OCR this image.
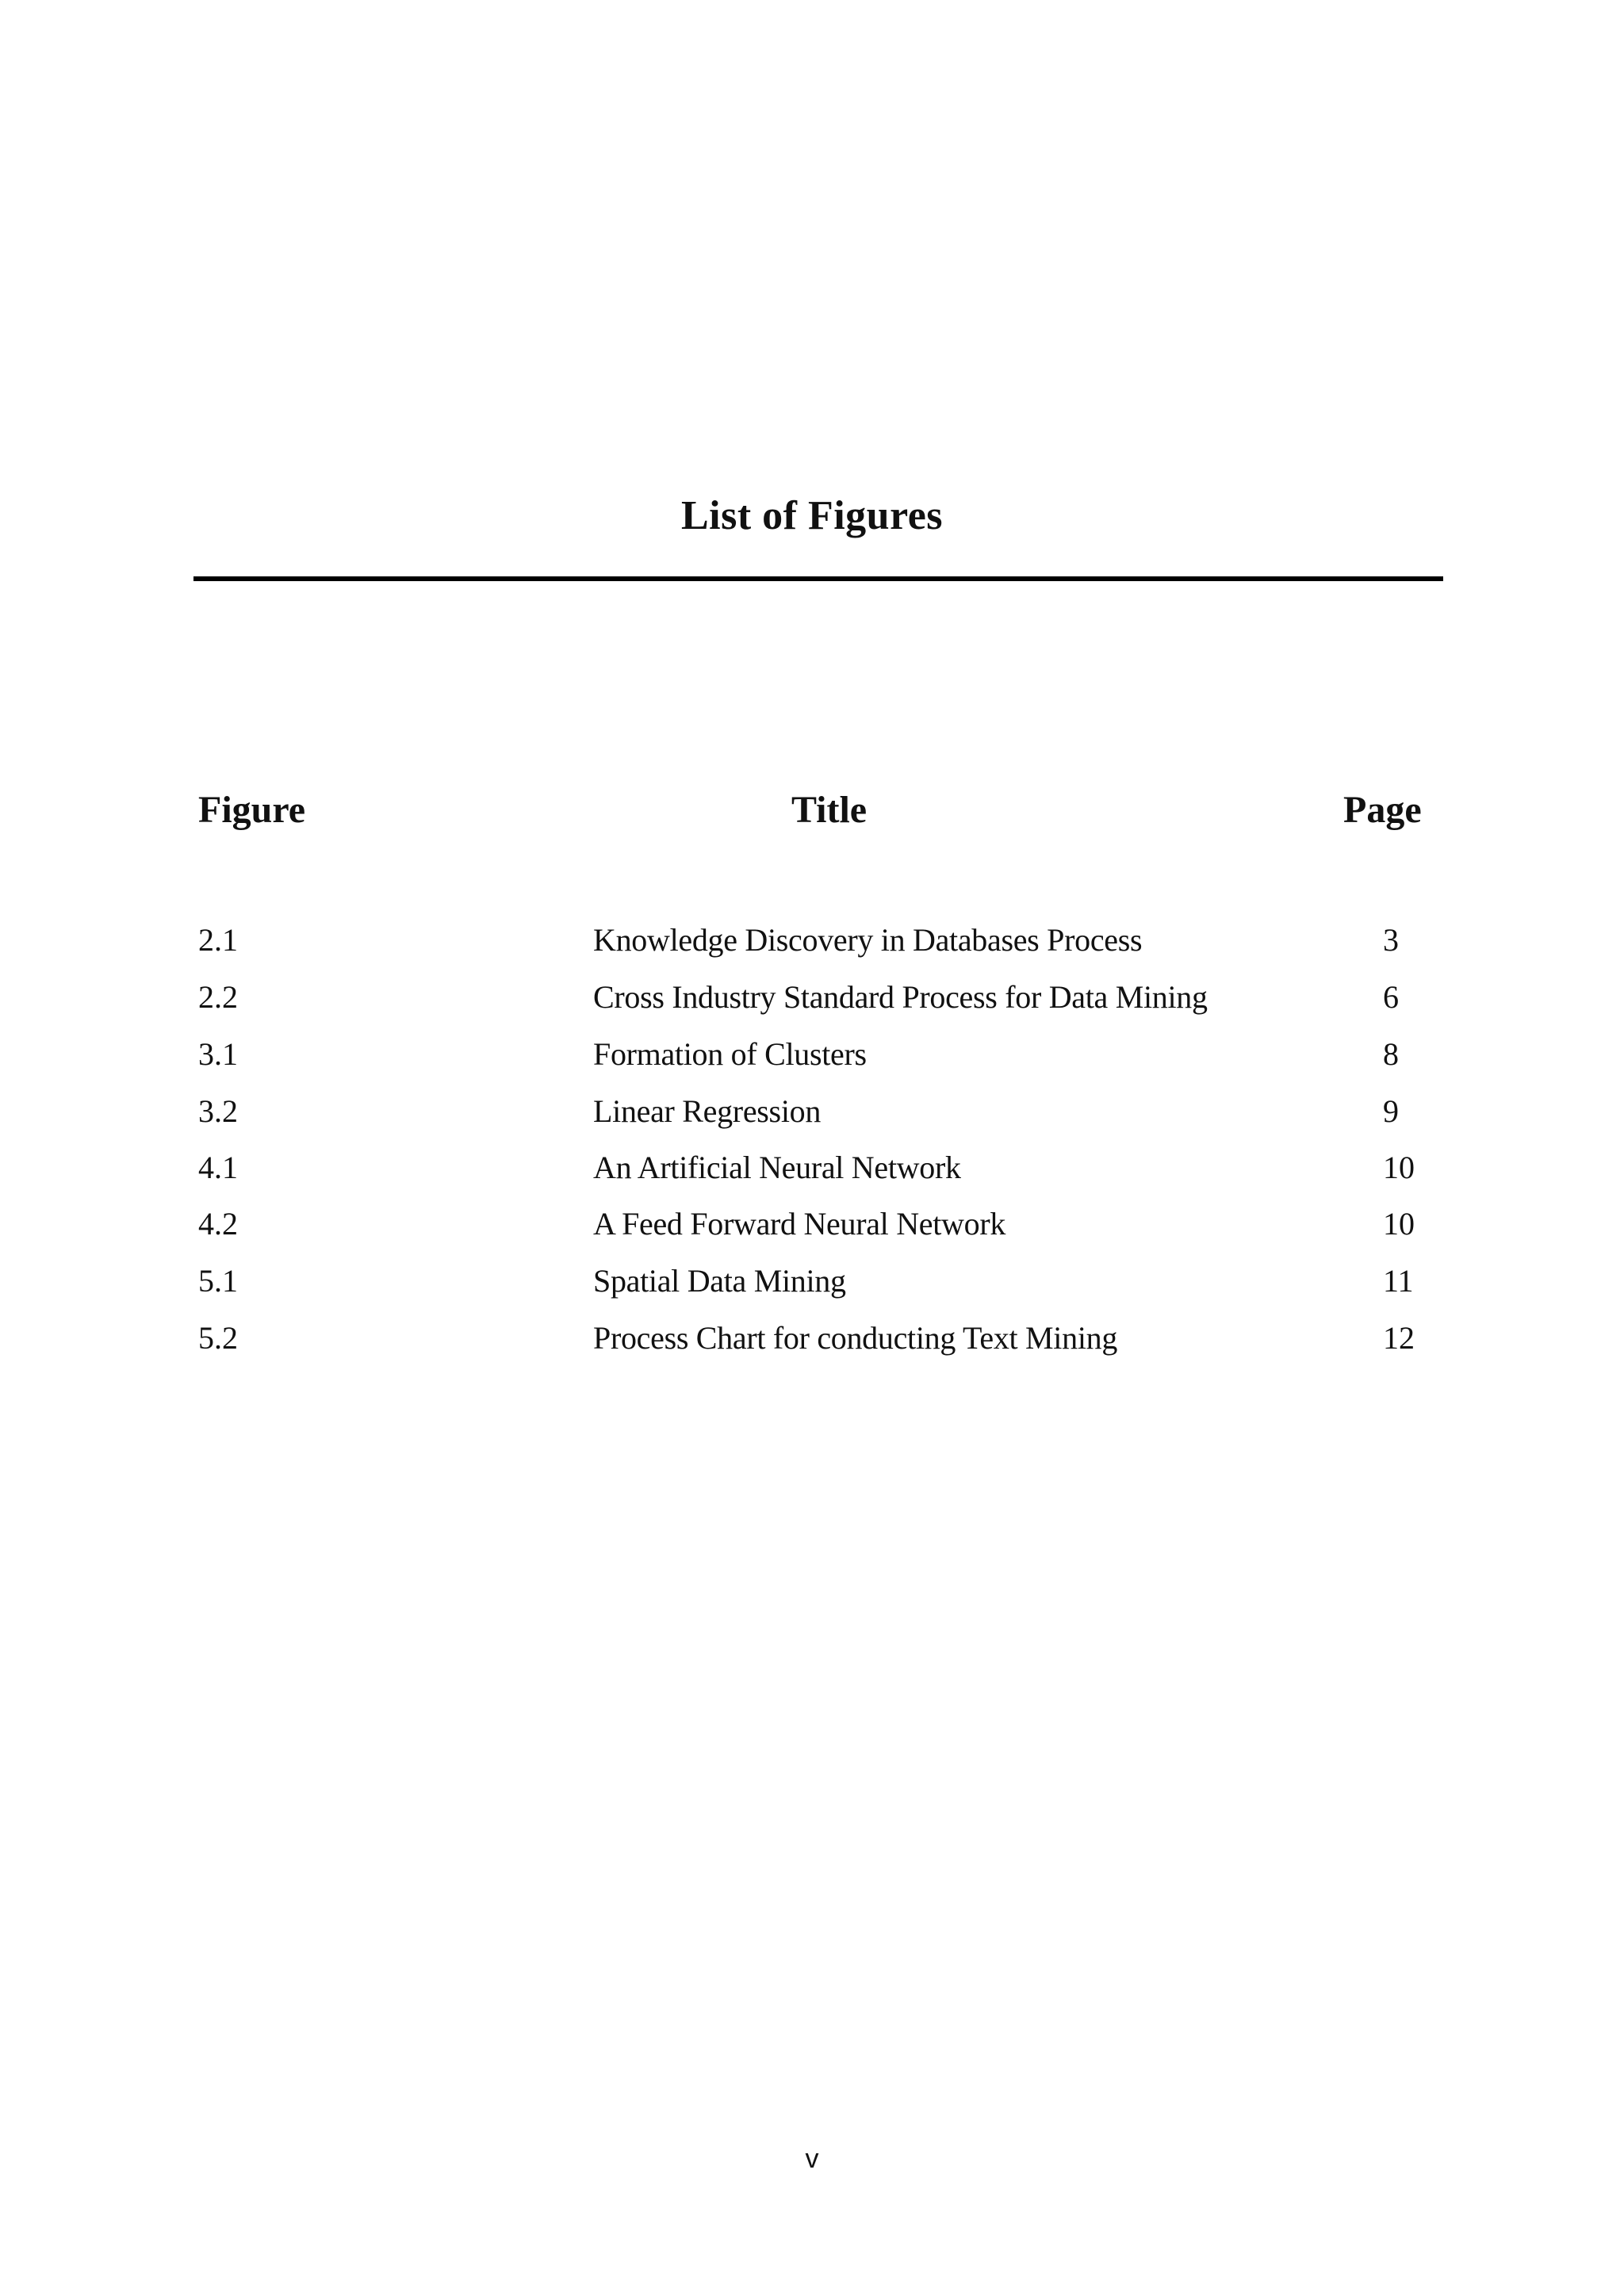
List of Figures
Figure	Title	Page
2.1	Knowledge Discovery in Databases Process	3
2.2	Cross Industry Standard Process for Data Mining	6
3.1	Formation of Clusters	8
3.2	Linear Regression	9
4.1	An Artificial Neural Network	10
4.2	A Feed Forward Neural Network	10
5.1	Spatial Data Mining	11
5.2	Process Chart for conducting Text Mining	12
v
